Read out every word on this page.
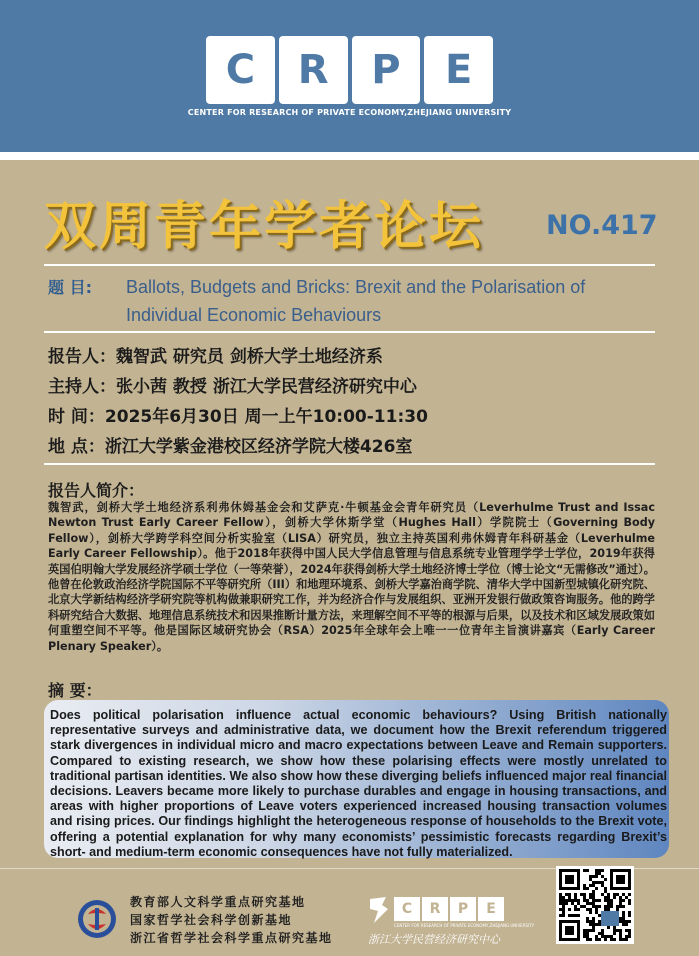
C	R	P	E
CENTER FOR RESEARCH OF PRIVATE ECONOMY,ZHEJIANG UNIVERSITY
双周青年学者论坛 NO.417
题 目: Ballots, Budgets and Bricks: Brexit and the Polarisation of Individual Economic Behaviours
报告人：魏智武 研究员 剑桥大学土地经济系
主持人：张小茜 教授 浙江大学民营经济研究中心
时 间：2025年6月30日 周一上午10:00-11:30
地 点：浙江大学紫金港校区经济学院大楼426室
报告人简介：
魏智武，剑桥大学土地经济系利弗休姆基金会和艾萨克·牛顿基金会青年研究员（Leverhulme Trust and Issac Newton Trust Early Career Fellow），剑桥大学休斯学堂（Hughes Hall）学院院士（Governing Body Fellow），剑桥大学跨学科空间分析实验室（LISA）研究员，独立主持英国利弗休姆青年科研基金（Leverhulme Early Career Fellowship）。他于2018年获得中国人民大学信息管理与信息系统专业管理学学士学位，2019年获得英国伯明翰大学发展经济学硕士学位（一等荣誉），2024年获得剑桥大学土地经济博士学位（博士论文“无需修改”通过）。他曾在伦敦政治经济学院国际不平等研究所（III）和地理环境系、剑桥大学嘉治商学院、清华大学中国新型城镇化研究院、北京大学新结构经济学研究院等机构做兼职研究工作，并为经济合作与发展组织、亚洲开发银行做政策咨询服务。他的跨学科研究结合大数据、地理信息系统技术和因果推断计量方法，来理解空间不平等的根源与后果，以及技术和区域发展政策如何重塑空间不平等。他是国际区域研究协会（RSA）2025年全球年会上唯一一位青年主旨演讲嘉宾（Early Career Plenary Speaker）。
摘 要：
Does political polarisation influence actual economic behaviours? Using British nationally representative surveys and administrative data, we document how the Brexit referendum triggered stark divergences in individual micro and macro expectations between Leave and Remain supporters. Compared to existing research, we show how these polarising effects were mostly unrelated to traditional partisan identities. We also show how these diverging beliefs influenced major real financial decisions. Leavers became more likely to purchase durables and engage in housing transactions, and areas with higher proportions of Leave voters experienced increased housing transaction volumes and rising prices. Our findings highlight the heterogeneous response of households to the Brexit vote, offering a potential explanation for why many economists’ pessimistic forecasts regarding Brexit’s short- and medium-term economic consequences have not fully materialized.
教育部人文科学重点研究基地
国家哲学社会科学创新基地
浙江省哲学社会科学重点研究基地
C	R	P	E
CENTER FOR RESEARCH OF PRIVATE ECONOMY,ZHEJIANG UNIVERSITY
浙江大学民营经济研究中心
